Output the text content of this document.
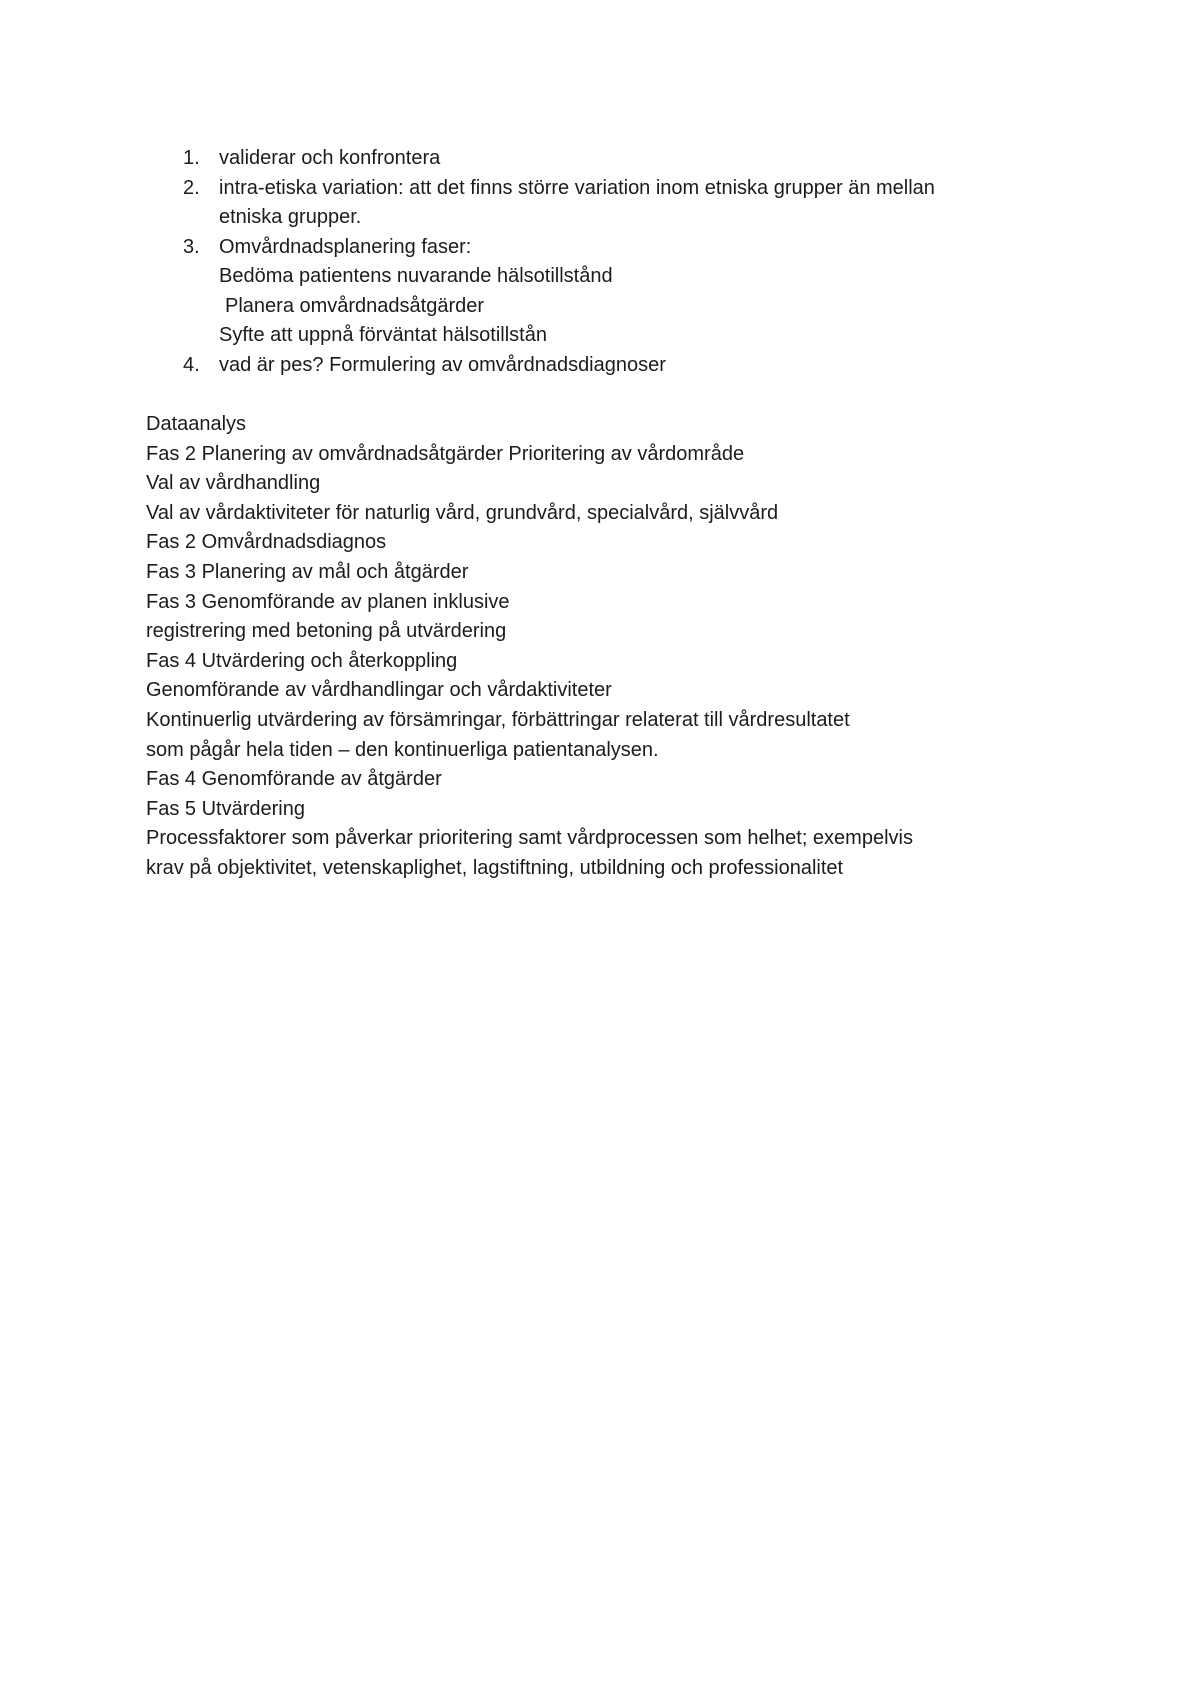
1. validerar och konfrontera
2. intra-etiska variation: att det finns större variation inom etniska grupper än mellan
etniska grupper.
3. Omvårdnadsplanering faser:
Bedöma patientens nuvarande hälsotillstånd
Planera omvårdnadsåtgärder
Syfte att uppnå förväntat hälsotillstån
4. vad är pes? Formulering av omvårdnadsdiagnoser
Dataanalys
Fas 2 Planering av omvårdnadsåtgärder Prioritering av vårdområde
Val av vårdhandling
Val av vårdaktiviteter för naturlig vård, grundvård, specialvård, självvård
Fas 2 Omvårdnadsdiagnos
Fas 3 Planering av mål och åtgärder
Fas 3 Genomförande av planen inklusive
registrering med betoning på utvärdering
Fas 4 Utvärdering och återkoppling
Genomförande av vårdhandlingar och vårdaktiviteter
Kontinuerlig utvärdering av försämringar, förbättringar relaterat till vårdresultatet
som pågår hela tiden – den kontinuerliga patientanalysen.
Fas 4 Genomförande av åtgärder
Fas 5 Utvärdering
Processfaktorer som påverkar prioritering samt vårdprocessen som helhet; exempelvis
krav på objektivitet, vetenskaplighet, lagstiftning, utbildning och professionalitet
